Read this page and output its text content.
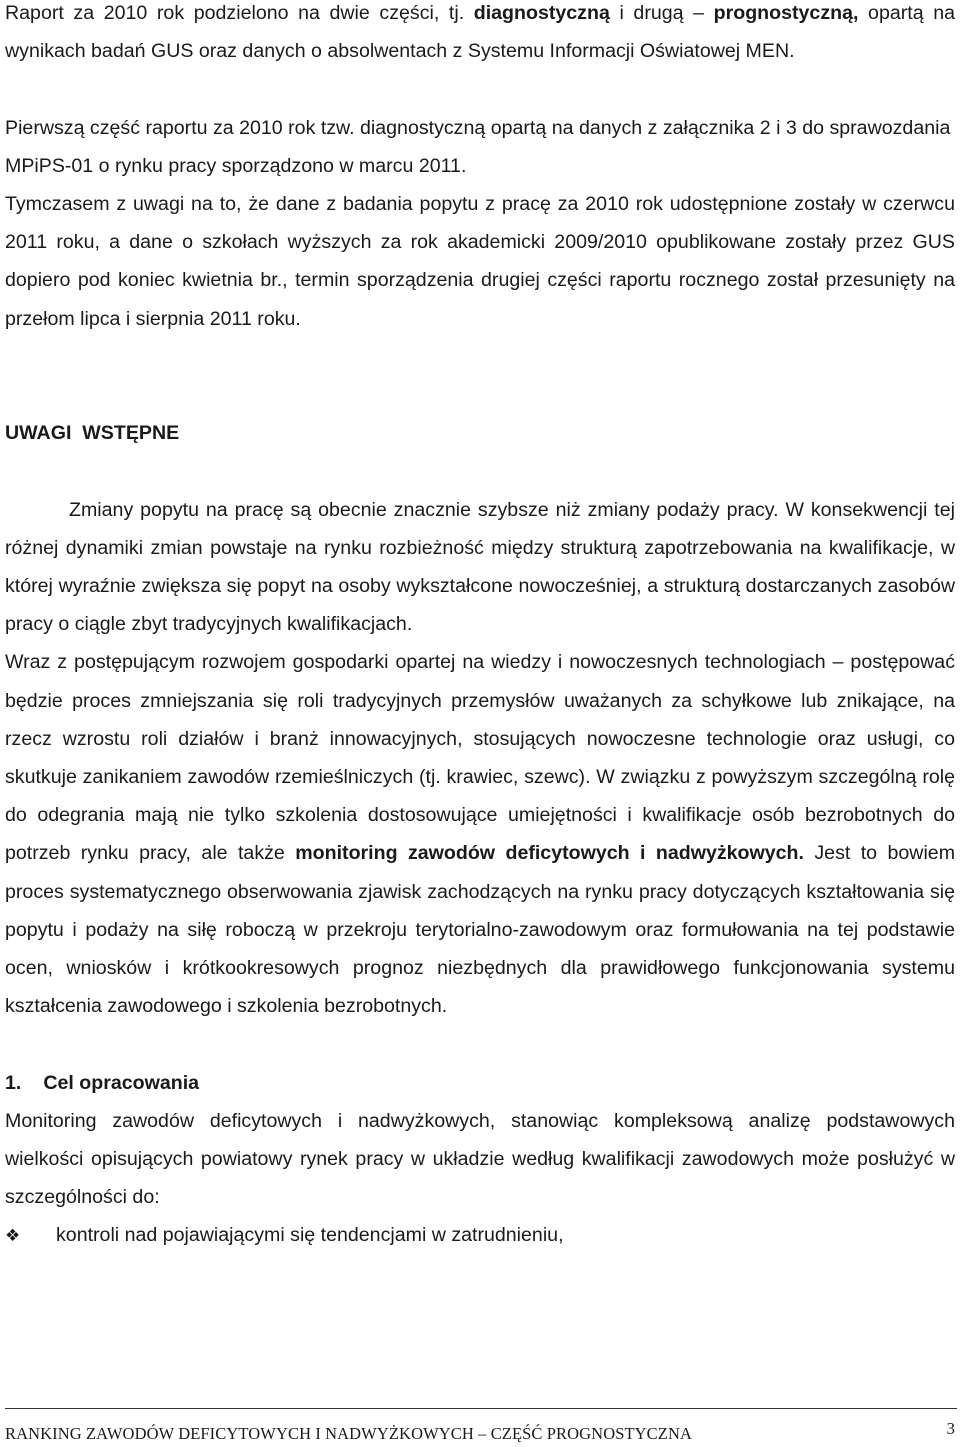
Raport za 2010 rok podzielono na dwie części, tj. diagnostyczną i drugą – prognostyczną, opartą na wynikach badań GUS oraz danych o absolwentach z Systemu Informacji Oświatowej MEN.

Pierwszą część raportu za 2010 rok tzw. diagnostyczną opartą na danych z załącznika 2 i 3 do sprawozdania MPiPS-01 o rynku pracy sporządzono w marcu 2011.

Tymczasem z uwagi na to, że dane z badania popytu z pracę za 2010 rok udostępnione zostały w czerwcu 2011 roku, a dane o szkołach wyższych za rok akademicki 2009/2010 opublikowane zostały przez GUS dopiero pod koniec kwietnia br., termin sporządzenia drugiej części raportu rocznego został przesunięty na przełom lipca i sierpnia 2011 roku.

UWAGI  WSTĘPNE

Zmiany popytu na pracę są obecnie znacznie szybsze niż zmiany podaży pracy. W konsekwencji tej różnej dynamiki zmian powstaje na rynku rozbieżność między strukturą zapotrzebowania na kwalifikacje, w której wyraźnie zwiększa się popyt na osoby wykształcone nowocześniej, a strukturą dostarczanych zasobów pracy o ciągle zbyt tradycyjnych kwalifikacjach.

Wraz z postępującym rozwojem gospodarki opartej na wiedzy i nowoczesnych technologiach – postępować będzie proces zmniejszania się roli tradycyjnych przemysłów uważanych za schyłkowe lub znikające, na rzecz wzrostu roli działów i branż innowacyjnych, stosujących nowoczesne technologie oraz usługi, co skutkuje zanikaniem zawodów rzemieślniczych (tj. krawiec, szewc). W związku z powyższym szczególną rolę do odegrania mają nie tylko szkolenia dostosowujące umiejętności i kwalifikacje osób bezrobotnych do potrzeb rynku pracy, ale także monitoring zawodów deficytowych i nadwyżkowych. Jest to bowiem proces systematycznego obserwowania zjawisk zachodzących na rynku pracy dotyczących kształtowania się popytu i podaży na siłę roboczą w przekroju terytorialno-zawodowym oraz formułowania na tej podstawie ocen, wniosków i krótkookresowych prognoz niezbędnych dla prawidłowego funkcjonowania systemu kształcenia zawodowego i szkolenia bezrobotnych.

1. Cel opracowania

Monitoring zawodów deficytowych i nadwyżkowych, stanowiąc kompleksową analizę podstawowych wielkości opisujących powiatowy rynek pracy w układzie według kwalifikacji zawodowych może posłużyć w szczególności do:

❖	kontroli nad pojawiającymi się tendencjami w zatrudnieniu,
RANKING ZAWODÓW DEFICYTOWYCH I NADWYŻKOWYCH – CZĘŚĆ PROGNOSTYCZNA	3
